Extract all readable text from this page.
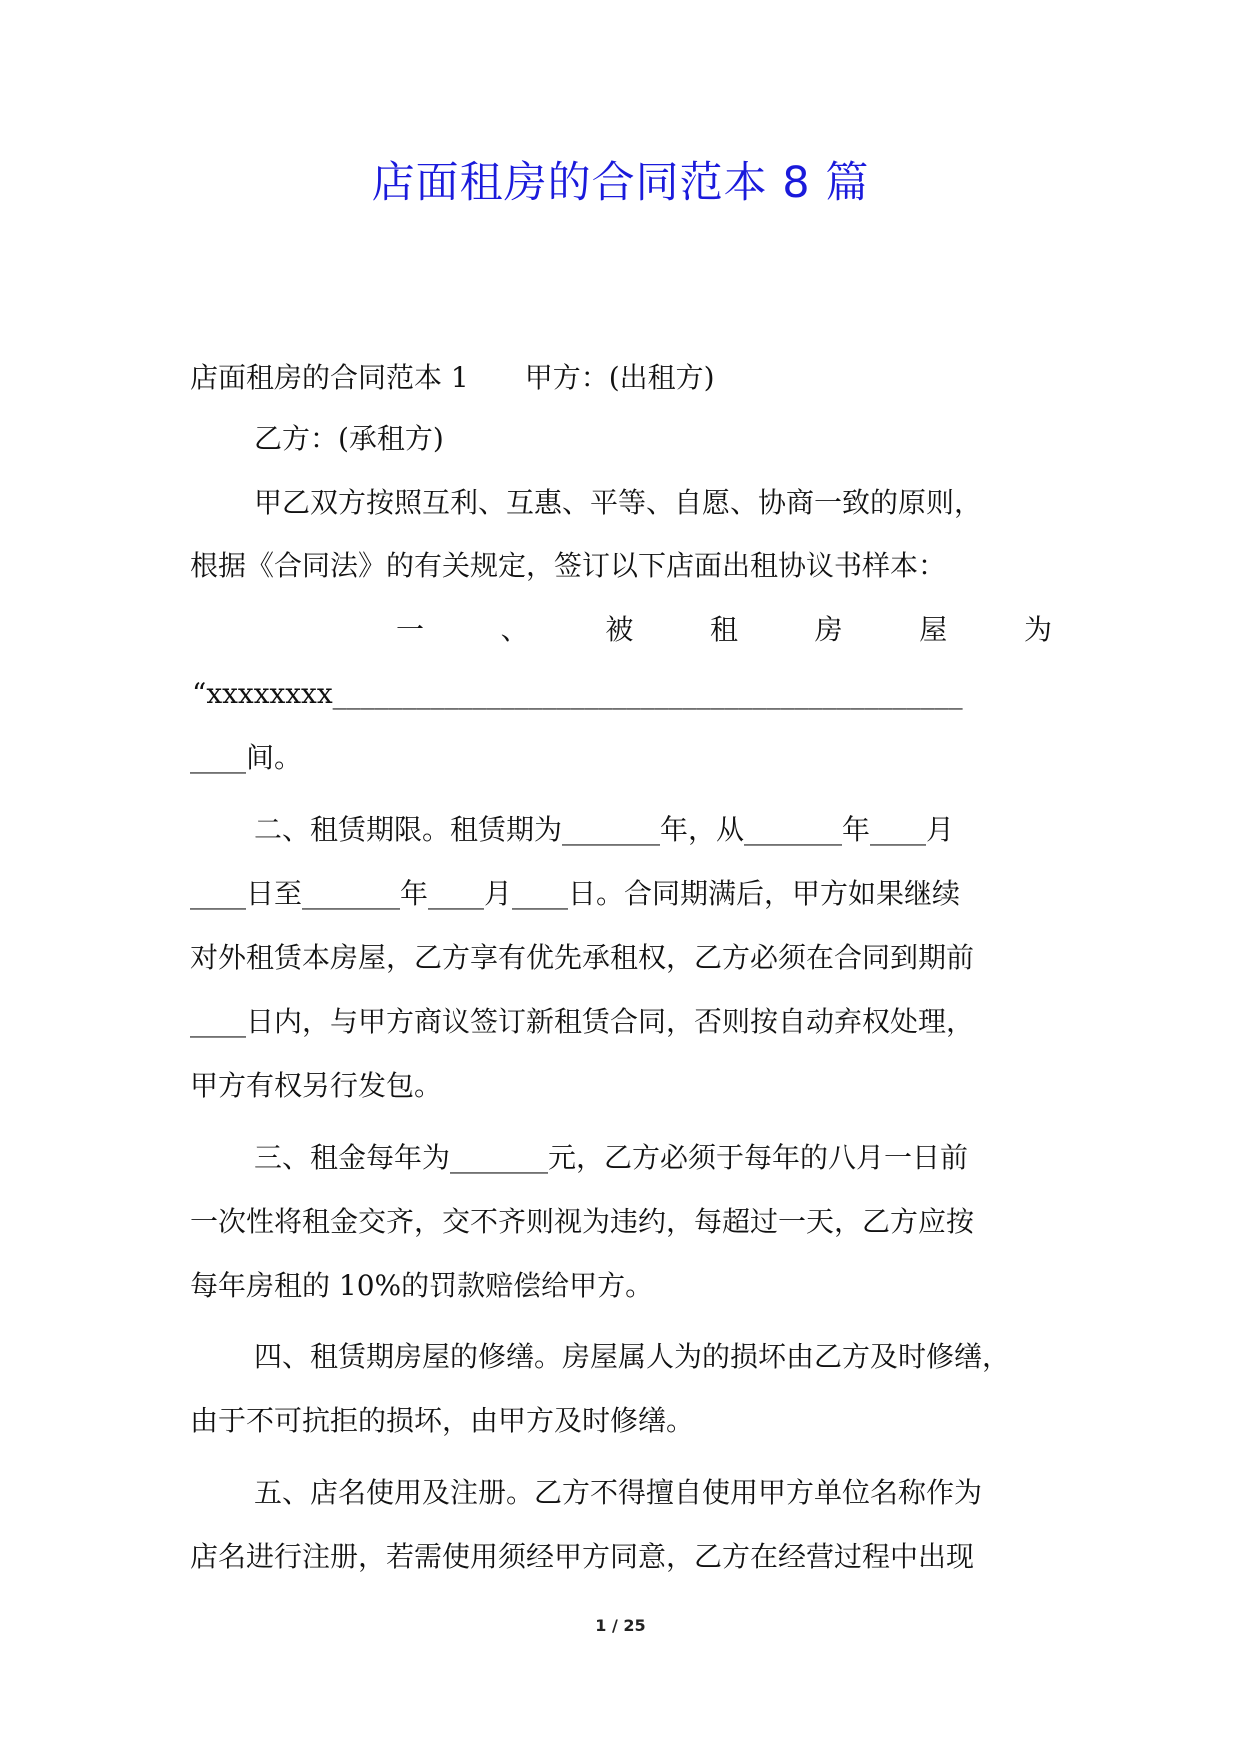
店面租房的合同范本 8 篇
店面租房的合同范本 1　　甲方：(出租方)
乙方：(承租方)
甲乙双方按照互利、互惠、平等、自愿、协商一致的原则，
根据《合同法》的有关规定，签订以下店面出租协议书样本：
一	、	被	租	房	屋	为
“xxxxxxxx_____________________________________________
____间。
二、租赁期限。租赁期为_______年，从_______年____月
____日至_______年____月____日。合同期满后，甲方如果继续
对外租赁本房屋，乙方享有优先承租权，乙方必须在合同到期前
____日内，与甲方商议签订新租赁合同，否则按自动弃权处理，
甲方有权另行发包。
三、租金每年为_______元，乙方必须于每年的八月一日前
一次性将租金交齐，交不齐则视为违约，每超过一天，乙方应按
每年房租的 10%的罚款赔偿给甲方。
四、租赁期房屋的修缮。房屋属人为的损坏由乙方及时修缮，
由于不可抗拒的损坏，由甲方及时修缮。
五、店名使用及注册。乙方不得擅自使用甲方单位名称作为
店名进行注册，若需使用须经甲方同意，乙方在经营过程中出现
1 / 25
